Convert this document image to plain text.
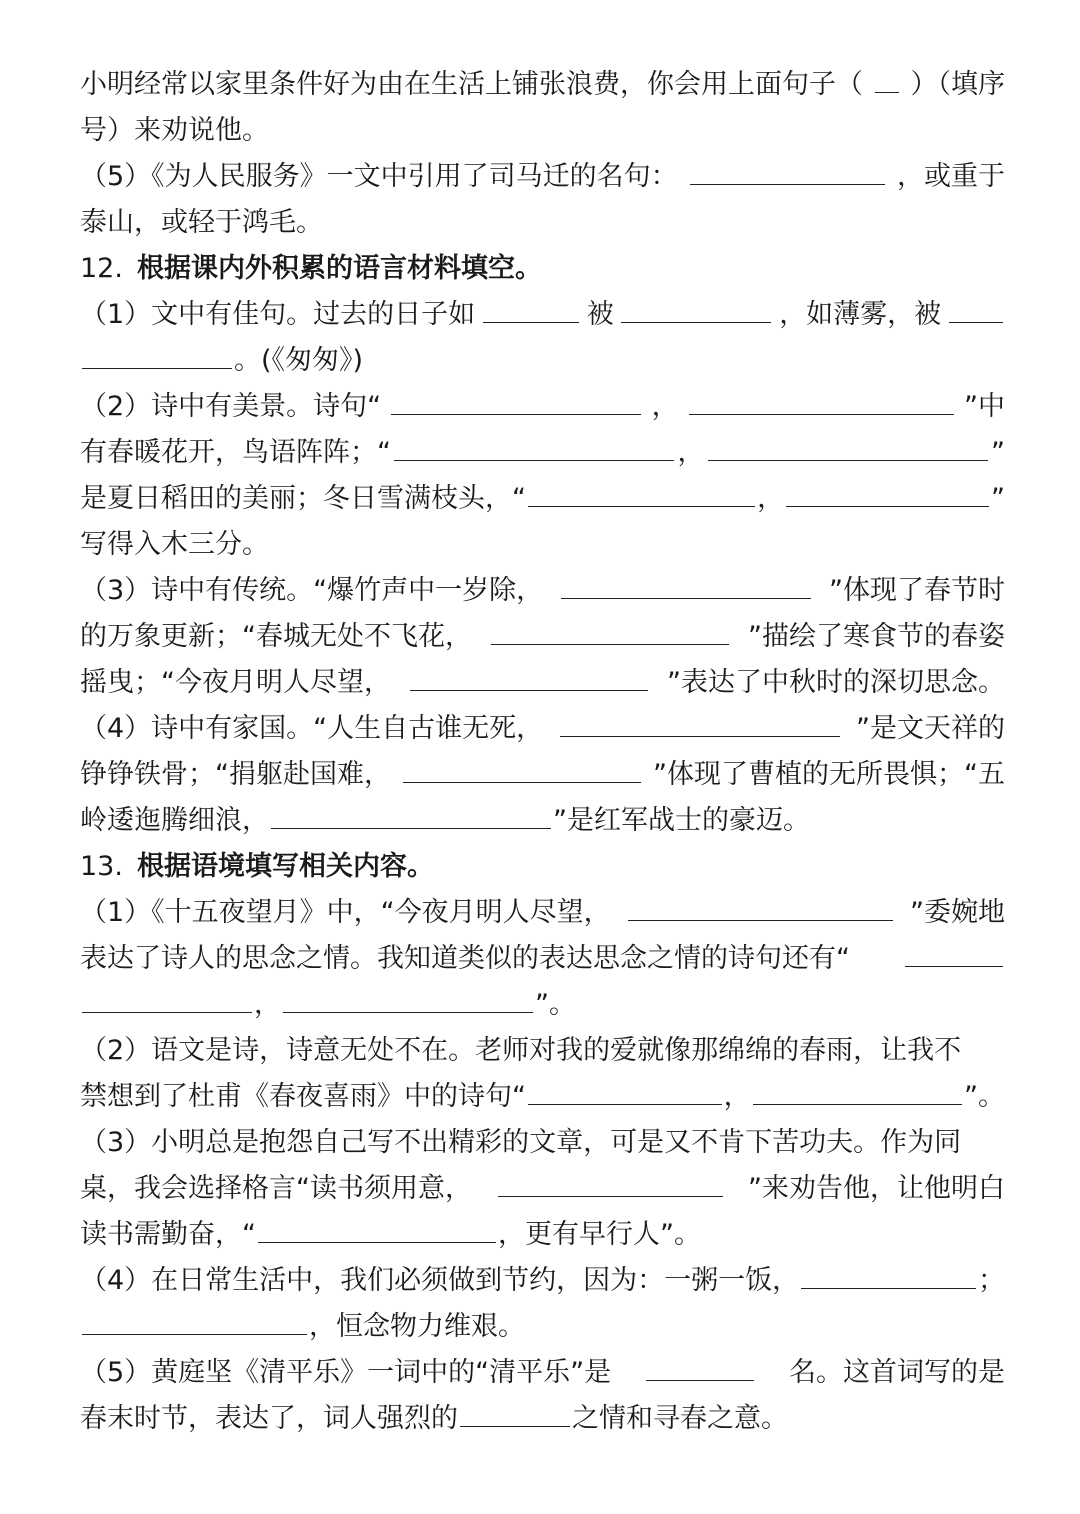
小明经常以家里条件好为由在生活上铺张浪费，你会用上面句子（ ）（填序
号）来劝说他。
（5）《为人民服务》一文中引用了司马迁的名句：	，或重于
泰山，或轻于鸿毛。
12. 根据课内外积累的语言材料填空。
（1）文中有佳句。过去的日子如	被	，如薄雾，被
。(《匆匆》)
（2）诗中有美景。诗句“	，	”中
有春暖花开，鸟语阵阵；“	，	”
是夏日稻田的美丽；冬日雪满枝头，“	，	”
写得入木三分。
（3）诗中有传统。“爆竹声中一岁除，	”体现了春节时
的万象更新；“春城无处不飞花，	”描绘了寒食节的春姿
摇曳；“今夜月明人尽望，	”表达了中秋时的深切思念。
（4）诗中有家国。“人生自古谁无死，	”是文天祥的
铮铮铁骨；“捐躯赴国难，	”体现了曹植的无所畏惧；“五
岭逶迤腾细浪，	”是红军战士的豪迈。
13. 根据语境填写相关内容。
（1）《十五夜望月》中，“今夜月明人尽望，	”委婉地
表达了诗人的思念之情。我知道类似的表达思念之情的诗句还有“
，	”。
（2）语文是诗，诗意无处不在。老师对我的爱就像那绵绵的春雨，让我不
禁想到了杜甫《春夜喜雨》中的诗句“	，	”。
（3）小明总是抱怨自己写不出精彩的文章，可是又不肯下苦功夫。作为同
桌，我会选择格言“读书须用意，	”来劝告他，让他明白
读书需勤奋，“	，更有早行人”。
（4）在日常生活中，我们必须做到节约，因为：一粥一饭，	；
，恒念物力维艰。
（5）黄庭坚《清平乐》一词中的“清平乐”是	名。这首词写的是
春末时节，表达了，词人强烈的	之情和寻春之意。
